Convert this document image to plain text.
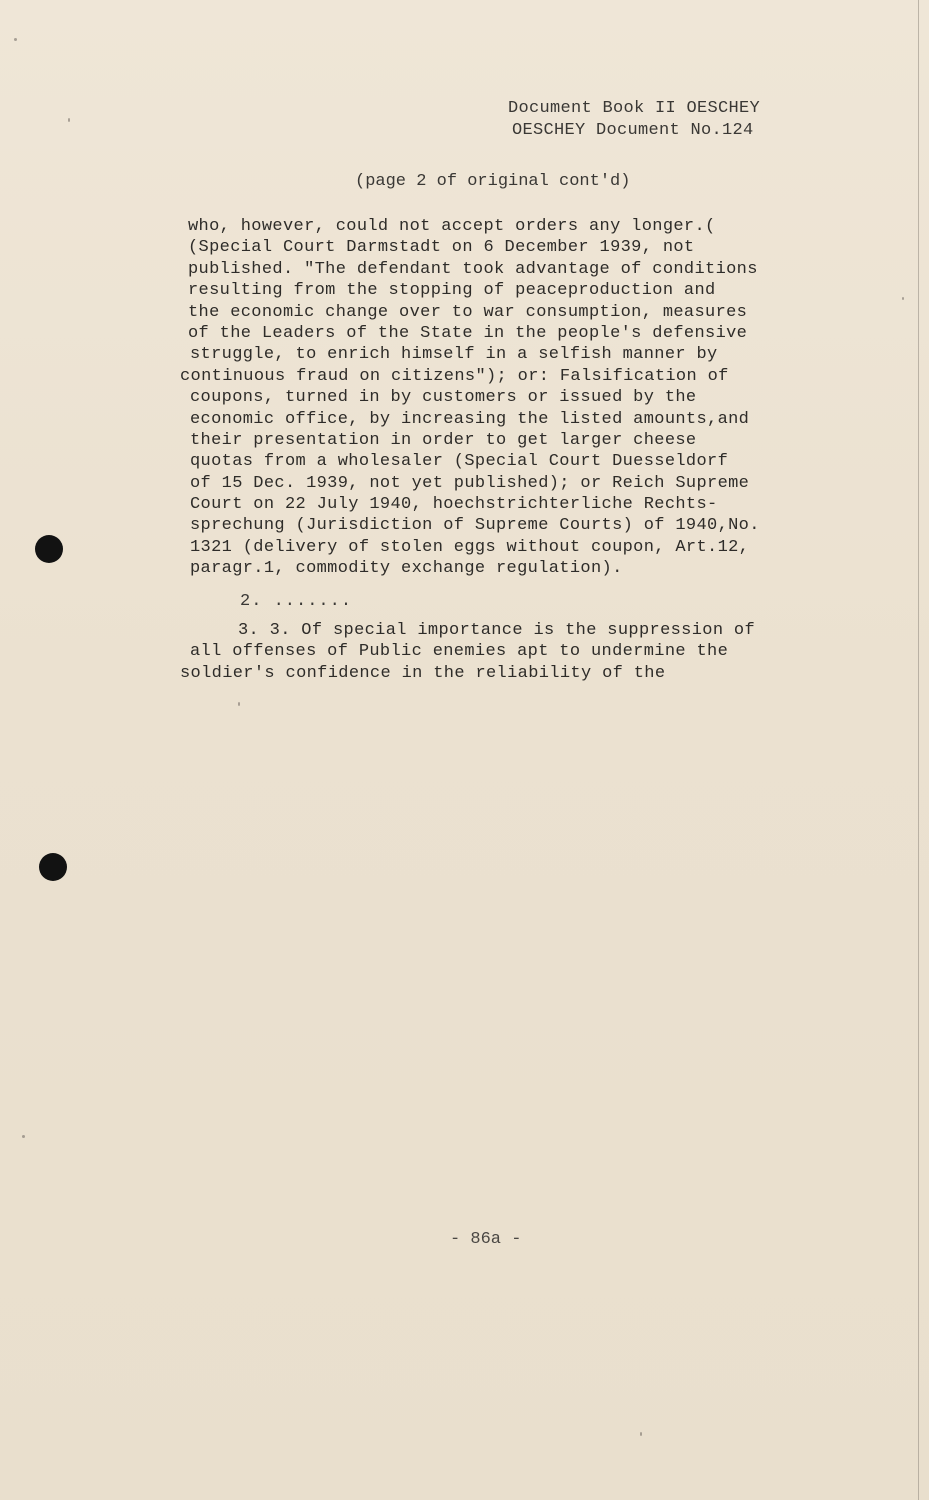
Document Book II OESCHEY
OESCHEY Document No.124
(page 2 of original cont'd)
who, however, could not accept orders any longer.(
(Special Court Darmstadt on 6 December 1939, not
published. "The defendant took advantage of conditions
resulting from the stopping of peaceproduction and
the economic change over to war consumption, measures
of the Leaders of the State in the people's defensive
struggle, to enrich himself in a selfish manner by
continuous fraud on citizens"); or: Falsification of
coupons, turned in by customers or issued by the
economic office, by increasing the listed amounts,and
their presentation in order to get larger cheese
quotas from a wholesaler (Special Court Duesseldorf
of 15 Dec. 1939, not yet published); or Reich Supreme
Court on 22 July 1940, hoechstrichterliche Rechts-
sprechung (Jurisdiction of Supreme Courts) of 1940,No.
1321 (delivery of stolen eggs without coupon, Art.12,
paragr.1, commodity exchange regulation).
2. .......
3. 3. Of special importance is the suppression of
all offenses of Public enemies apt to undermine the
soldier's confidence in the reliability of the
- 86a -
